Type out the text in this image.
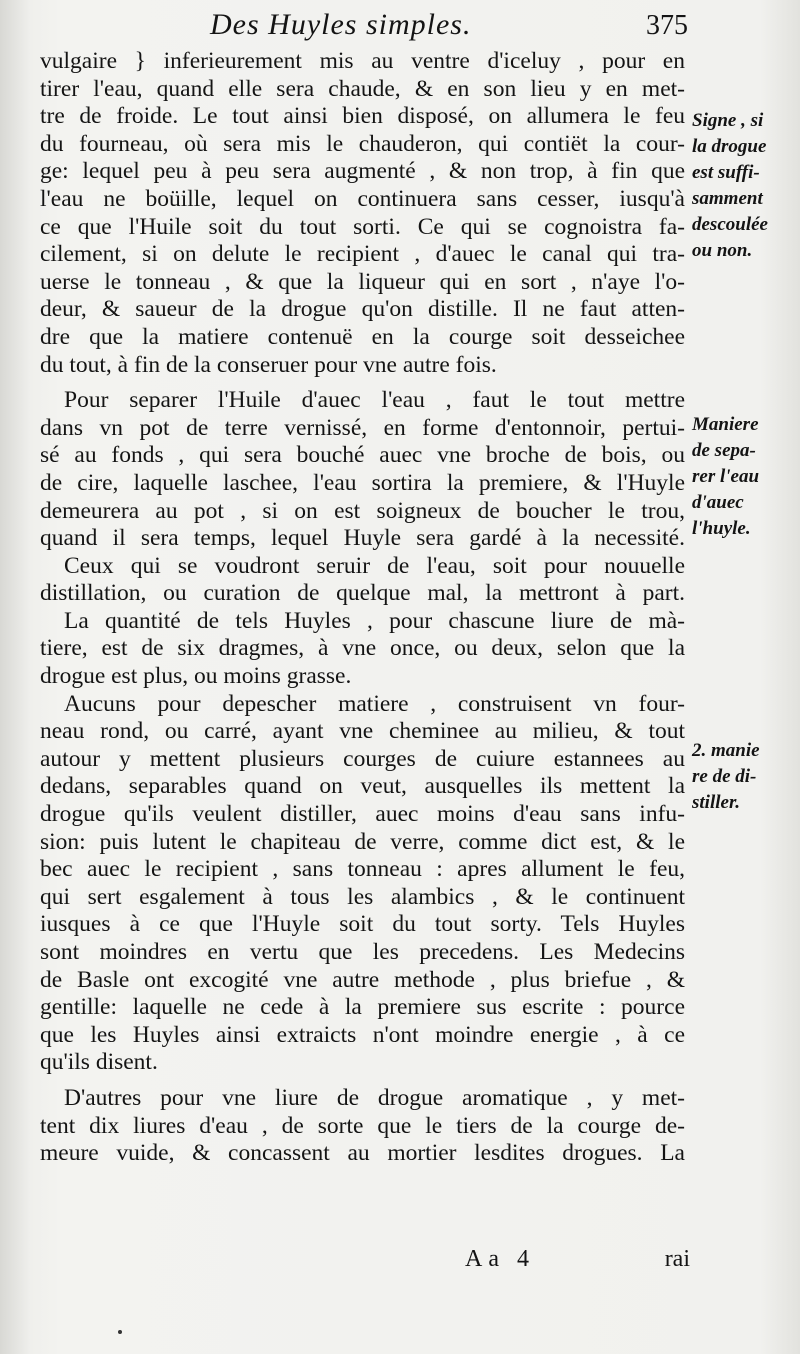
Des Huyles simples.	375
vulgaire } inferieurement mis au ventre d'iceluy , pour en
tirer l'eau, quand elle sera chaude, & en son lieu y en met-
tre de froide. Le tout ainsi bien disposé, on allumera le feu
du fourneau, où sera mis le chauderon, qui contiët la cour-
ge: lequel peu à peu sera augmenté , & non trop, à fin que
l'eau ne boüille, lequel on continuera sans cesser, iusqu'à
ce que l'Huile soit du tout sorti. Ce qui se cognoistra fa-
cilement, si on delute le recipient , d'auec le canal qui tra-
uerse le tonneau , & que la liqueur qui en sort , n'aye l'o-
deur, & saueur de la drogue qu'on distille. Il ne faut atten-
dre que la matiere contenuë en la courge soit desseichee
du tout, à fin de la conseruer pour vne autre fois.
Pour separer l'Huile d'auec l'eau , faut le tout mettre
dans vn pot de terre vernissé, en forme d'entonnoir, pertui-
sé au fonds , qui sera bouché auec vne broche de bois, ou
de cire, laquelle laschee, l'eau sortira la premiere, & l'Huyle
demeurera au pot , si on est soigneux de boucher le trou,
quand il sera temps, lequel Huyle sera gardé à la necessité.
Ceux qui se voudront seruir de l'eau, soit pour nouuelle
distillation, ou curation de quelque mal, la mettront à part.
La quantité de tels Huyles , pour chascune liure de mà-
tiere, est de six dragmes, à vne once, ou deux, selon que la
drogue est plus, ou moins grasse.
Aucuns pour depescher matiere , construisent vn four-
neau rond, ou carré, ayant vne cheminee au milieu, & tout
autour y mettent plusieurs courges de cuiure estannees au
dedans, separables quand on veut, ausquelles ils mettent la
drogue qu'ils veulent distiller, auec moins d'eau sans infu-
sion: puis lutent le chapiteau de verre, comme dict est, & le
bec auec le recipient , sans tonneau : apres allument le feu,
qui sert esgalement à tous les alambics , & le continuent
iusques à ce que l'Huyle soit du tout sorty. Tels Huyles
sont moindres en vertu que les precedens. Les Medecins
de Basle ont excogité vne autre methode , plus briefue , &
gentille: laquelle ne cede à la premiere sus escrite : pource
que les Huyles ainsi extraicts n'ont moindre energie , à ce
qu'ils disent.
D'autres pour vne liure de drogue aromatique , y met-
tent dix liures d'eau , de sorte que le tiers de la courge de-
meure vuide, & concassent au mortier lesdites drogues. La
Signe , si
la drogue
est suffi-
samment
descoulée
ou non.
Maniere
de sepa-
rer l'eau
d'auec
l'huyle.
2. manie
re de di-
stiller.
Aa 4	rai
